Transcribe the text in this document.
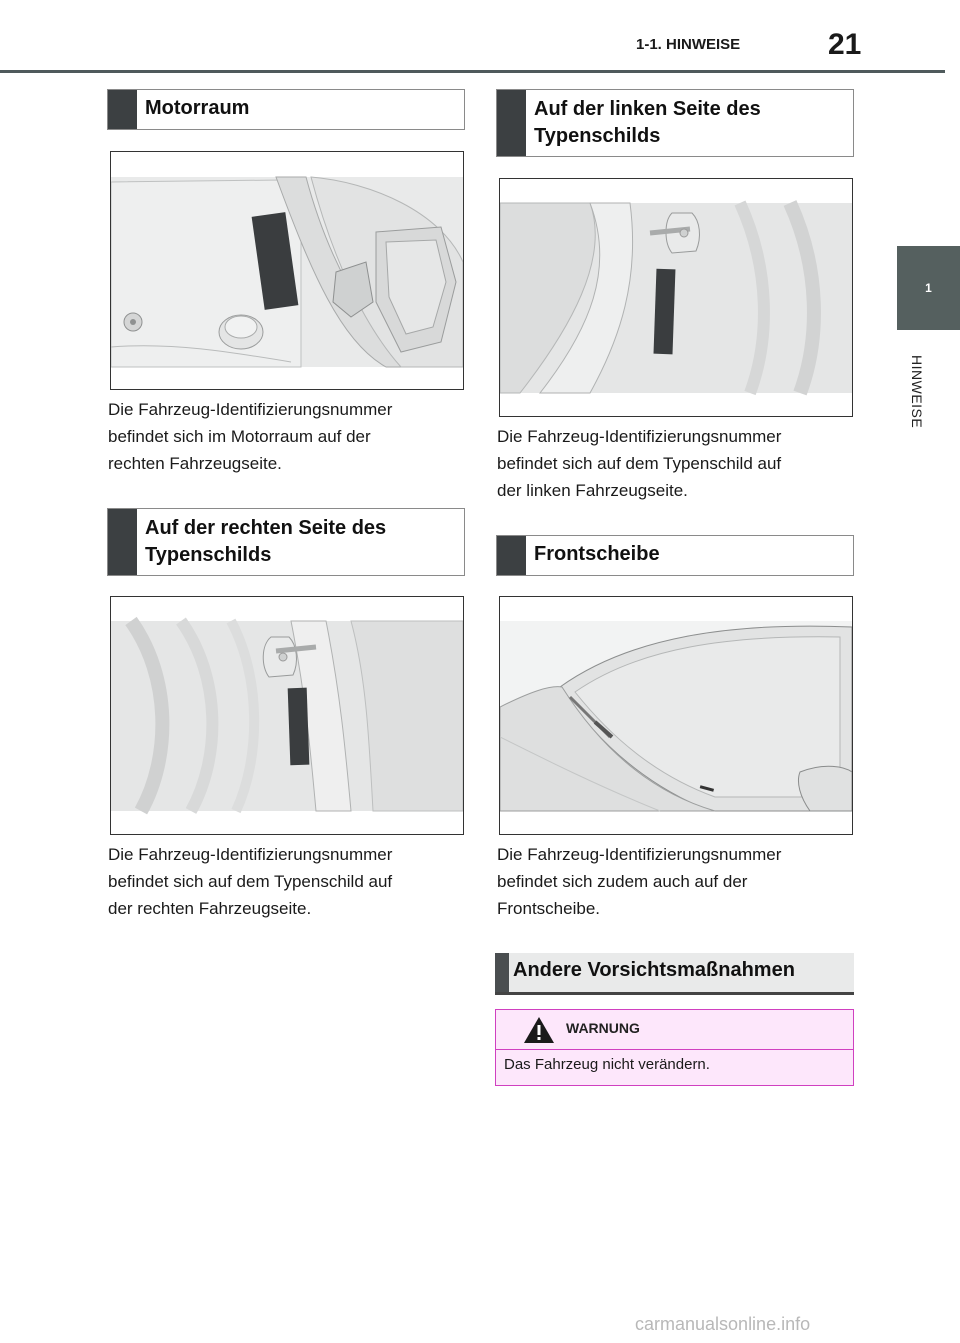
1-1. HINWEISE	21
1
HINWEISE
Motorraum
Die Fahrzeug-Identifizierungsnummer
befindet sich im Motorraum auf der
rechten Fahrzeugseite.
Auf der rechten Seite des
Typenschilds
Die Fahrzeug-Identifizierungsnummer
befindet sich auf dem Typenschild auf
der rechten Fahrzeugseite.
Auf der linken Seite des
Typenschilds
Die Fahrzeug-Identifizierungsnummer
befindet sich auf dem Typenschild auf
der linken Fahrzeugseite.
Frontscheibe
Die Fahrzeug-Identifizierungsnummer
befindet sich zudem auch auf der
Frontscheibe.
Andere Vorsichtsmaßnahmen
WARNUNG
Das Fahrzeug nicht verändern.
carmanualsonline.info
